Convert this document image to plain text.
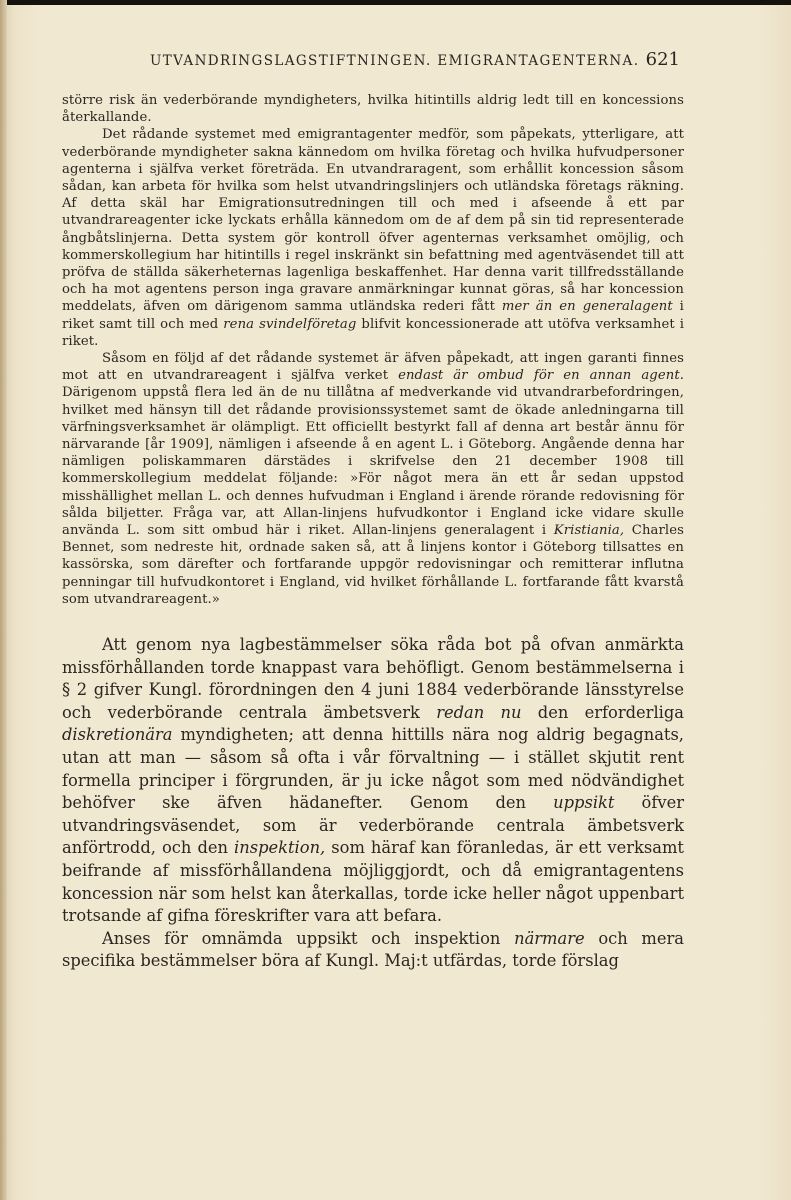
UTVANDRINGSLAGSTIFTNINGEN. EMIGRANTAGENTERNA. 621

större risk än vederbörande myndigheters, hvilka hitintills aldrig ledt till en koncessions återkallande.

Det rådande systemet med emigrantagenter medför, som påpekats, ytterligare, att vederbörande myndigheter sakna kännedom om hvilka företag och hvilka hufvudpersoner agenterna i själfva verket företräda. En utvandraragent, som erhållit koncession såsom sådan, kan arbeta för hvilka som helst utvandringslinjers och utländska företags räkning. Af detta skäl har Emigrationsutredningen till och med i afseende å ett par utvandrareagenter icke lyckats erhålla kännedom om de af dem på sin tid representerade ångbåtslinjerna. Detta system gör kontroll öfver agenternas verksamhet omöjlig, och kommerskollegium har hitintills i regel inskränkt sin befattning med agentväsendet till att pröfva de ställda säkerheternas lagenliga beskaffenhet. Har denna varit tillfredsställande och ha mot agentens person inga gravare anmärkningar kunnat göras, så har koncession meddelats, äfven om därigenom samma utländska rederi fått mer än en generalagent i riket samt till och med rena svindelföretag blifvit koncessionerade att utöfva verksamhet i riket.

Såsom en följd af det rådande systemet är äfven påpekadt, att ingen garanti finnes mot att en utvandrareagent i själfva verket endast är ombud för en annan agent. Därigenom uppstå flera led än de nu tillåtna af medverkande vid utvandrarbefordringen, hvilket med hänsyn till det rådande provisionssystemet samt de ökade anledningarna till värfningsverksamhet är olämpligt. Ett officiellt bestyrkt fall af denna art består ännu för närvarande [år 1909], nämligen i afseende å en agent L. i Göteborg. Angående denna har nämligen poliskammaren därstädes i skrifvelse den 21 december 1908 till kommerskollegium meddelat följande: »För något mera än ett år sedan uppstod misshällighet mellan L. och dennes hufvudman i England i ärende rörande redovisning för sålda biljetter. Fråga var, att Allan-linjens hufvudkontor i England icke vidare skulle använda L. som sitt ombud här i riket. Allan-linjens generalagent i Kristiania, Charles Bennet, som nedreste hit, ordnade saken så, att å linjens kontor i Göteborg tillsattes en kassörska, som därefter och fortfarande uppgör redovisningar och remitterar influtna penningar till hufvudkontoret i England, vid hvilket förhållande L. fortfarande fått kvarstå som utvandrareagent.»

Att genom nya lagbestämmelser söka råda bot på ofvan anmärkta missförhållanden torde knappast vara behöfligt. Genom bestämmelserna i § 2 gifver Kungl. förordningen den 4 juni 1884 vederbörande länsstyrelse och vederbörande centrala ämbetsverk redan nu den erforderliga diskretionära myndigheten; att denna hittills nära nog aldrig begagnats, utan att man — såsom så ofta i vår förvaltning — i stället skjutit rent formella principer i förgrunden, är ju icke något som med nödvändighet behöfver ske äfven hädanefter. Genom den uppsikt öfver utvandringsväsendet, som är vederbörande centrala ämbetsverk anförtrodd, och den inspektion, som häraf kan föranledas, är ett verksamt beifrande af missförhållandena möjliggjordt, och då emigrantagentens koncession när som helst kan återkallas, torde icke heller något uppenbart trotsande af gifna föreskrifter vara att befara.

Anses för omnämda uppsikt och inspektion närmare och mera specifika bestämmelser böra af Kungl. Maj:t utfärdas, torde förslag
